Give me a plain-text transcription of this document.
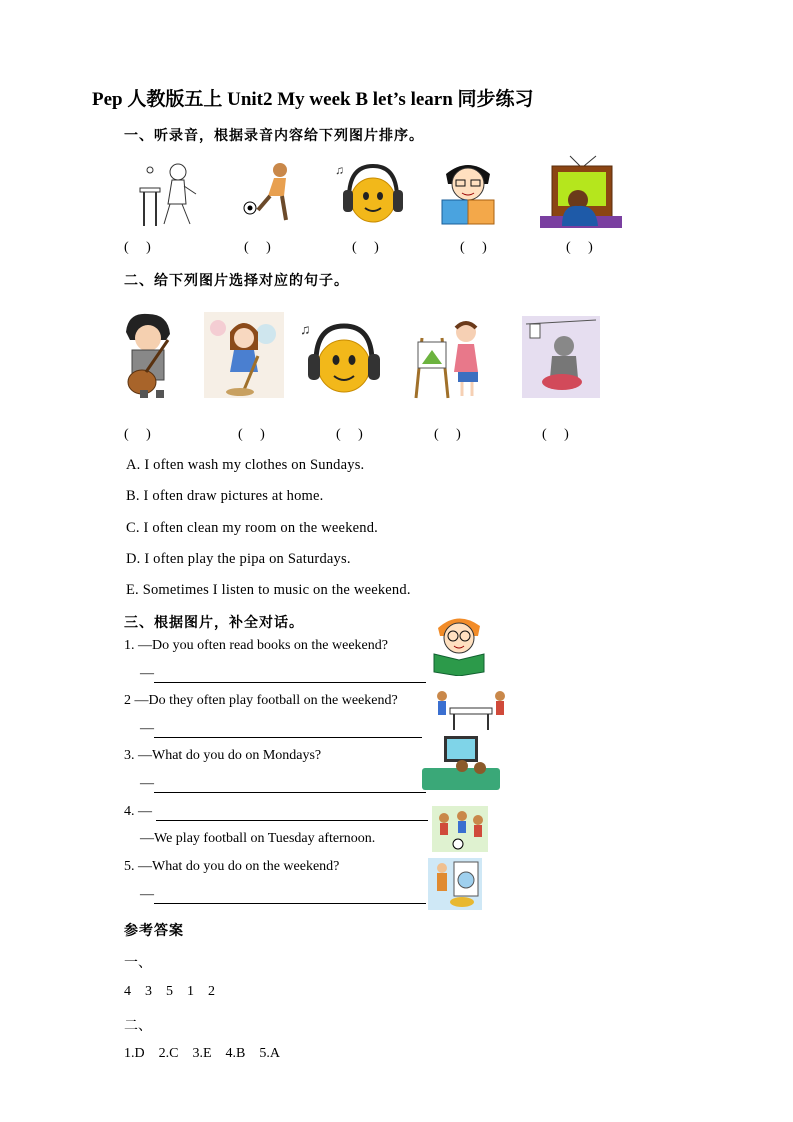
Pep 人教版五上 Unit2 My week B let’s learn 同步练习
一、听录音，根据录音内容给下列图片排序。
♫
(     )	(     )	(     )	(     )	(     )
二、给下列图片选择对应的句子。
♫
(     )	(     )	(     )	(     )	(     )
A. I often wash my clothes on Sundays.
B. I often draw pictures at home.
C. I often clean my room on the weekend.
D. I often play the pipa on Saturdays.
E. Sometimes I listen to music on the weekend.
三、根据图片，补全对话。
1. —Do you often read books on the weekend?
—
2 —Do they often play football on the weekend?
—
3. —What do you do on Mondays?
—
4. —
—We play football on Tuesday afternoon.
5. —What do you do on the weekend?
—
参考答案
一、
4    3    5    1    2
二、
1.D    2.C    3.E    4.B    5.A
